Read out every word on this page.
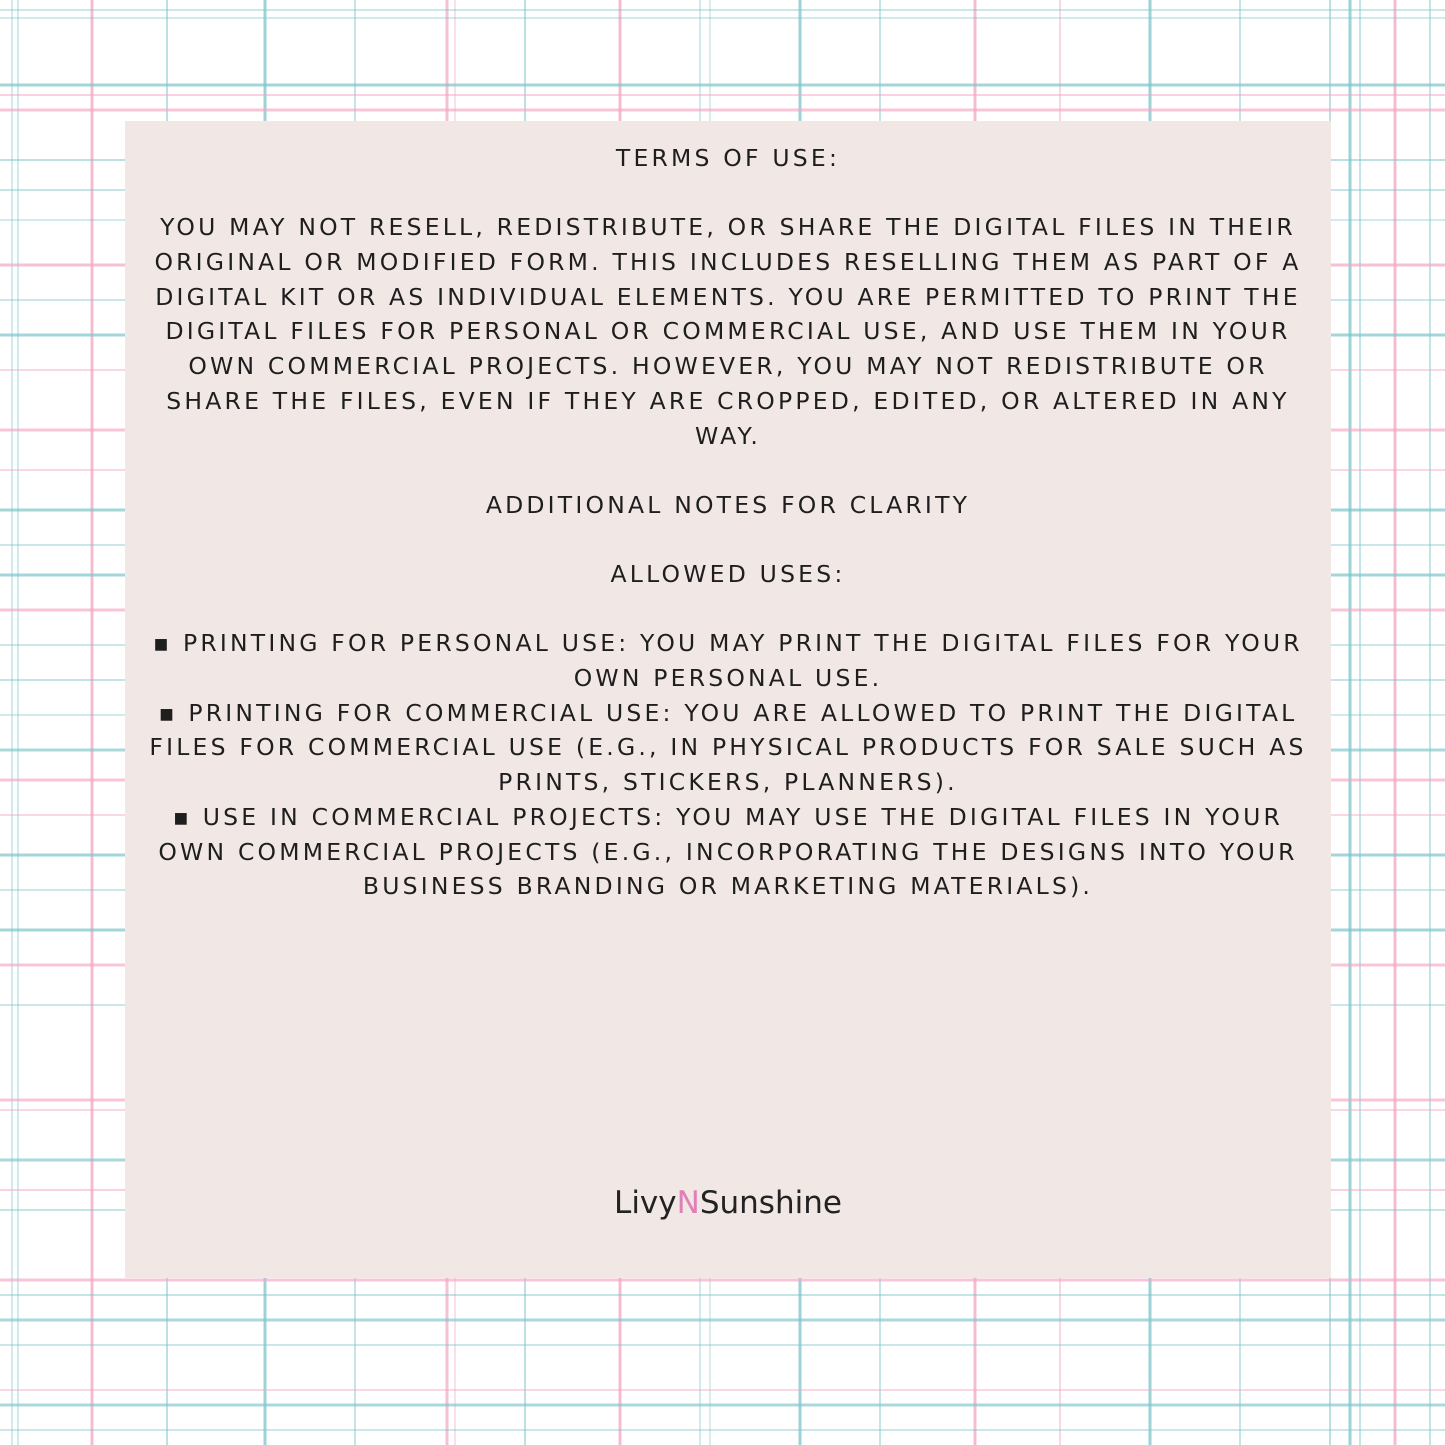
TERMS OF USE:
YOU MAY NOT RESELL, REDISTRIBUTE, OR SHARE THE DIGITAL FILES IN THEIR
ORIGINAL OR MODIFIED FORM. THIS INCLUDES RESELLING THEM AS PART OF A
DIGITAL KIT OR AS INDIVIDUAL ELEMENTS. YOU ARE PERMITTED TO PRINT THE
DIGITAL FILES FOR PERSONAL OR COMMERCIAL USE, AND USE THEM IN YOUR
OWN COMMERCIAL PROJECTS. HOWEVER, YOU MAY NOT REDISTRIBUTE OR
SHARE THE FILES, EVEN IF THEY ARE CROPPED, EDITED, OR ALTERED IN ANY
WAY.
ADDITIONAL NOTES FOR CLARITY
ALLOWED USES:
▪ PRINTING FOR PERSONAL USE: YOU MAY PRINT THE DIGITAL FILES FOR YOUR
OWN PERSONAL USE.
▪ PRINTING FOR COMMERCIAL USE: YOU ARE ALLOWED TO PRINT THE DIGITAL
FILES FOR COMMERCIAL USE (E.G., IN PHYSICAL PRODUCTS FOR SALE SUCH AS
PRINTS, STICKERS, PLANNERS).
▪ USE IN COMMERCIAL PROJECTS: YOU MAY USE THE DIGITAL FILES IN YOUR
OWN COMMERCIAL PROJECTS (E.G., INCORPORATING THE DESIGNS INTO YOUR
BUSINESS BRANDING OR MARKETING MATERIALS).
LivyNSunshine
